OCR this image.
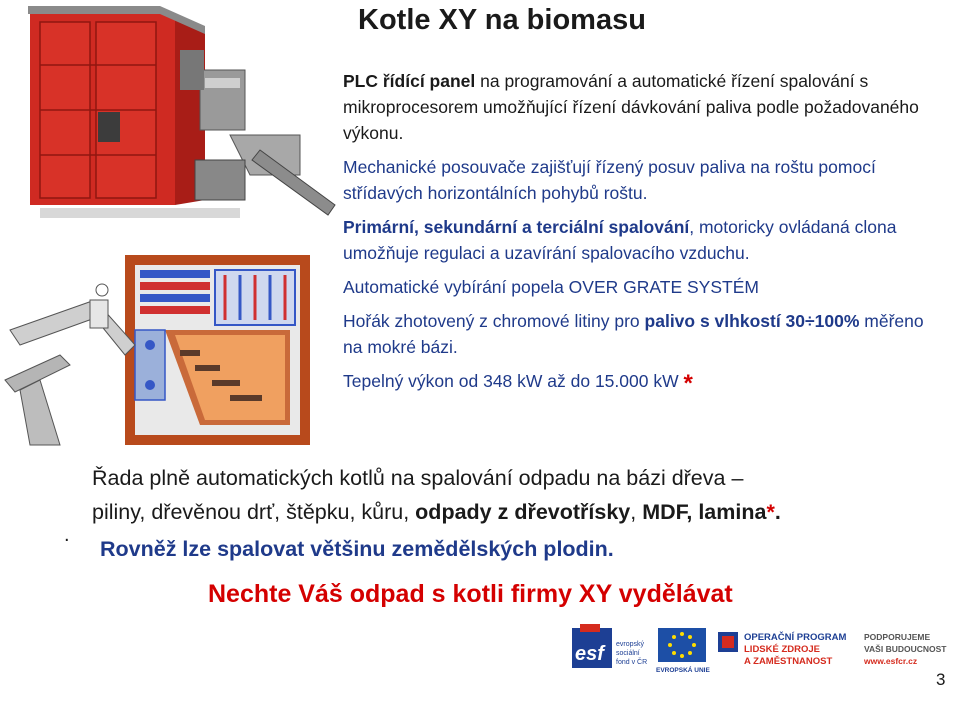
Kotle XY na biomasu

PLC řídící panel na programování a automatické řízení spalování s mikroprocesorem umožňující řízení dávkování paliva podle požadovaného výkonu.

Mechanické posouvače zajišťují řízený posuv paliva na roštu pomocí střídavých horizontálních pohybů roštu.

Primární, sekundární a terciální spalování, motoricky ovládaná clona umožňuje regulaci a uzavírání spalovacího vzduchu.

Automatické vybírání popela OVER GRATE SYSTÉM

Hořák zhotovený z chromové litiny pro palivo s vlhkostí 30÷100% měřeno na mokré bázi.

Tepelný výkon od 348 kW až do 15.000 kW *

Řada plně automatických kotlů na spalování odpadu na bázi dřeva –

piliny, dřevěnou drť, štěpku, kůru, odpady z dřevotřísky, MDF, lamina*.

.

Rovněž lze spalovat většinu zemědělských plodin.

Nechte Váš odpad s kotli firmy XY vydělávat

esf	evropský
sociální
fond v ČR
EVROPSKÁ UNIE
OPERAČNÍ PROGRAM
LIDSKÉ ZDROJE
A ZAMĚSTNANOST
PODPORUJEME
VAŠI BUDOUCNOST
www.esfcr.cz
3
